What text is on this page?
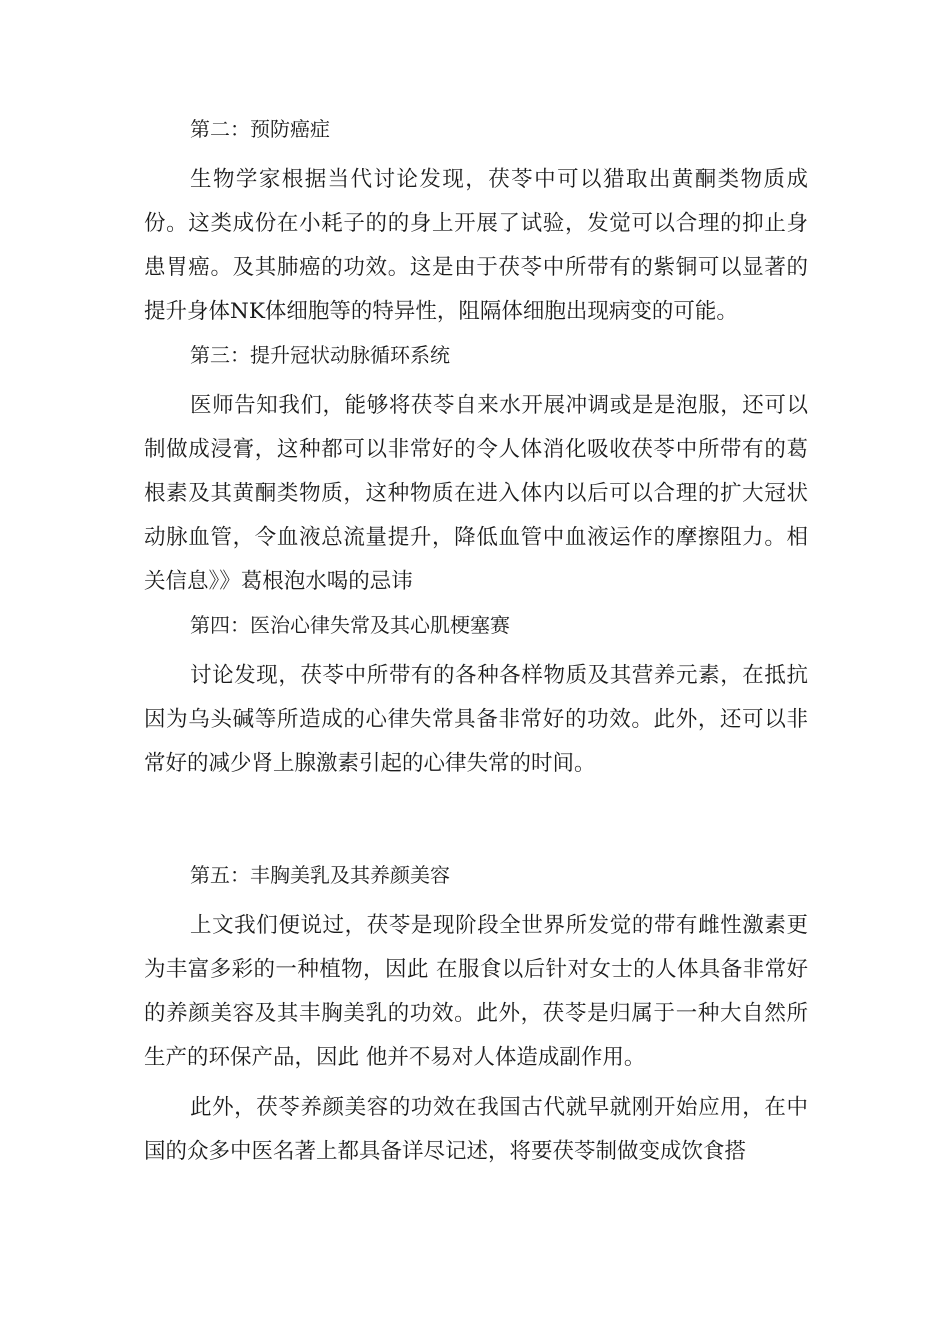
第二：预防癌症

生物学家根据当代讨论发现，茯苓中可以猎取出黄酮类物质成份。这类成份在小耗子的的身上开展了试验，发觉可以合理的抑止身患胃癌。及其肺癌的功效。这是由于茯苓中所带有的紫铜可以显著的提升身体NK体细胞等的特异性，阻隔体细胞出现病变的可能。

第三：提升冠状动脉循环系统

医师告知我们，能够将茯苓自来水开展冲调或是是泡服，还可以制做成浸膏，这种都可以非常好的令人体消化吸收茯苓中所带有的葛根素及其黄酮类物质，这种物质在进入体内以后可以合理的扩大冠状动脉血管，令血液总流量提升，降低血管中血液运作的摩擦阻力。相关信息》》葛根泡水喝的忌讳

第四：医治心律失常及其心肌梗塞赛

讨论发现，茯苓中所带有的各种各样物质及其营养元素，在抵抗因为乌头碱等所造成的心律失常具备非常好的功效。此外，还可以非常好的减少肾上腺激素引起的心律失常的时间。

第五：丰胸美乳及其养颜美容

上文我们便说过，茯苓是现阶段全世界所发觉的带有雌性激素更为丰富多彩的一种植物，因此 在服食以后针对女士的人体具备非常好的养颜美容及其丰胸美乳的功效。此外，茯苓是归属于一种大自然所生产的环保产品，因此 他并不易对人体造成副作用。

此外，茯苓养颜美容的功效在我国古代就早就刚开始应用，在中国的众多中医名著上都具备详尽记述，将要茯苓制做变成饮食搭
